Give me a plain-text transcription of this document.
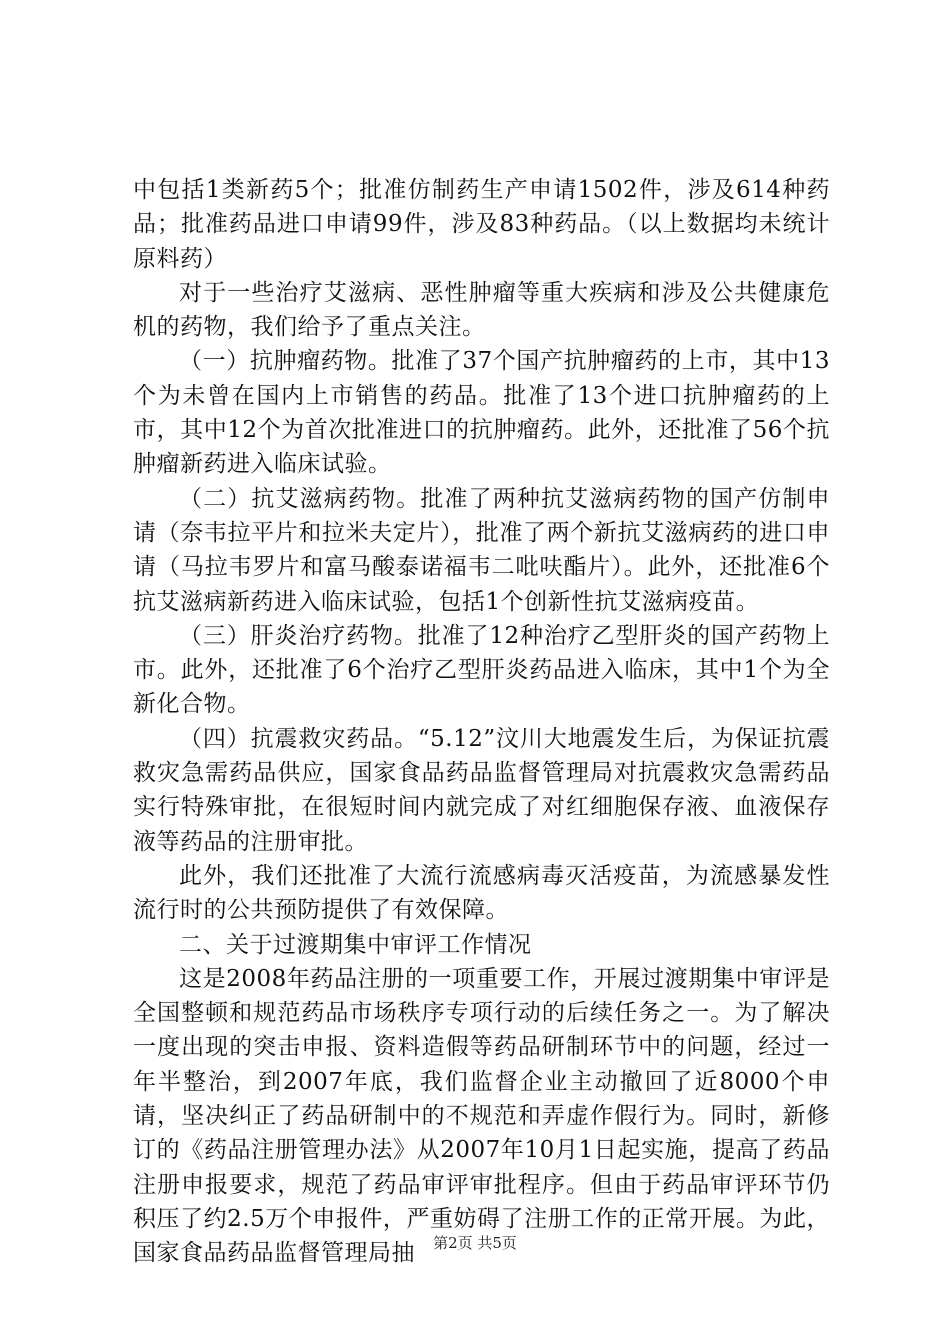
中包括1类新药5个；批准仿制药生产申请1502件，涉及614种药品；批准药品进口申请99件，涉及83种药品。（以上数据均未统计原料药）

对于一些治疗艾滋病、恶性肿瘤等重大疾病和涉及公共健康危机的药物，我们给予了重点关注。

（一）抗肿瘤药物。批准了37个国产抗肿瘤药的上市，其中13个为未曾在国内上市销售的药品。批准了13个进口抗肿瘤药的上市，其中12个为首次批准进口的抗肿瘤药。此外，还批准了56个抗肿瘤新药进入临床试验。

（二）抗艾滋病药物。批准了两种抗艾滋病药物的国产仿制申请（奈韦拉平片和拉米夫定片），批准了两个新抗艾滋病药的进口申请（马拉韦罗片和富马酸泰诺福韦二吡呋酯片）。此外，还批准6个抗艾滋病新药进入临床试验，包括1个创新性抗艾滋病疫苗。

（三）肝炎治疗药物。批准了12种治疗乙型肝炎的国产药物上市。此外，还批准了6个治疗乙型肝炎药品进入临床，其中1个为全新化合物。

（四）抗震救灾药品。“5.12”汶川大地震发生后，为保证抗震救灾急需药品供应，国家食品药品监督管理局对抗震救灾急需药品实行特殊审批，在很短时间内就完成了对红细胞保存液、血液保存液等药品的注册审批。

此外，我们还批准了大流行流感病毒灭活疫苗，为流感暴发性流行时的公共预防提供了有效保障。

二、关于过渡期集中审评工作情况

这是2008年药品注册的一项重要工作，开展过渡期集中审评是全国整顿和规范药品市场秩序专项行动的后续任务之一。为了解决一度出现的突击申报、资料造假等药品研制环节中的问题，经过一年半整治，到2007年底，我们监督企业主动撤回了近8000个申请，坚决纠正了药品研制中的不规范和弄虚作假行为。同时，新修订的《药品注册管理办法》从2007年10月1日起实施，提高了药品注册申报要求，规范了药品审评审批程序。但由于药品审评环节仍积压了约2.5万个申报件，严重妨碍了注册工作的正常开展。为此，国家食品药品监督管理局抽	第2页 共5页
